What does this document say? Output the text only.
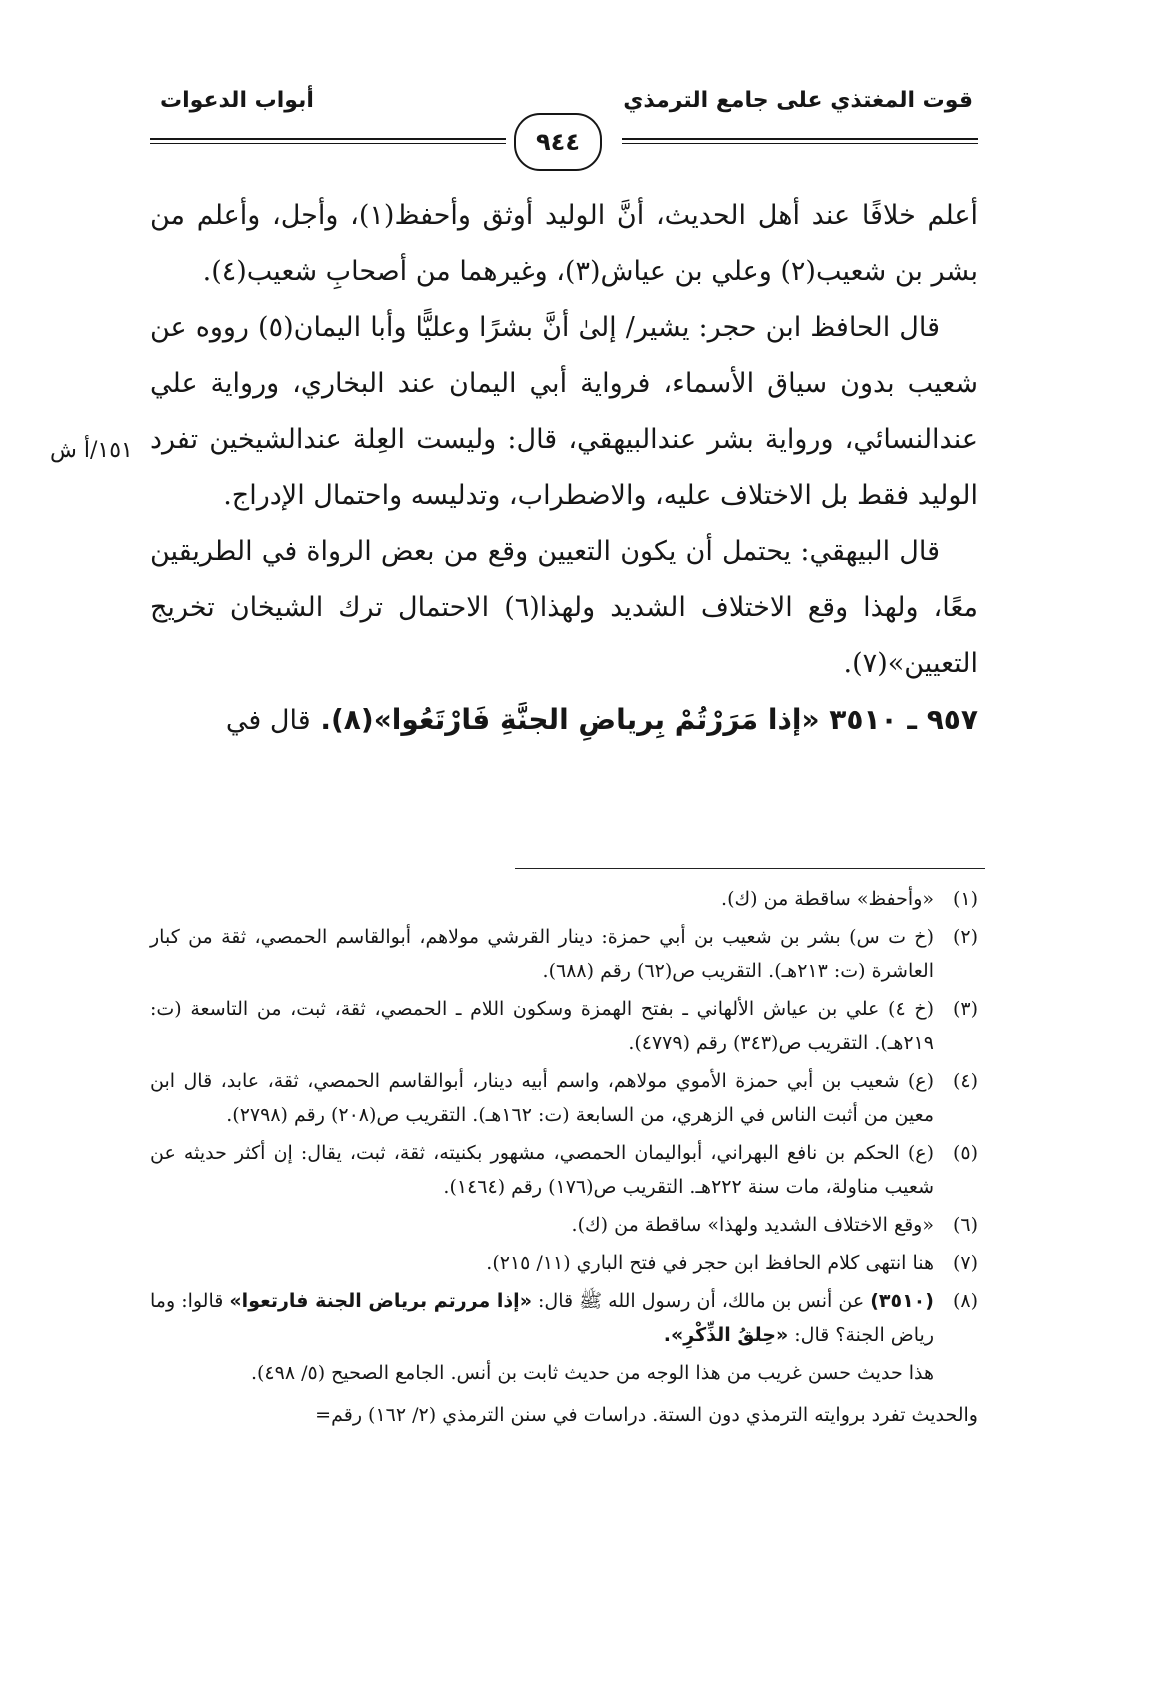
قوت المغتذي على جامع الترمذي
أبواب الدعوات
٩٤٤
١٥١/أ ش

أعلم خلافًا عند أهل الحديث، أنَّ الوليد أوثق وأحفظ(١)، وأجل، وأعلم من بشر بن شعيب(٢) وعلي بن عياش(٣)، وغيرهما من أصحابِ شعيب(٤).

قال الحافظ ابن حجر: يشير/ إلىٰ أنَّ بشرًا وعليًّا وأبا اليمان(٥) رووه عن شعيب بدون سياق الأسماء، فرواية أبي اليمان عند البخاري، ورواية علي عندالنسائي، ورواية بشر عندالبيهقي، قال: وليست العِلة عندالشيخين تفرد الوليد فقط بل الاختلاف عليه، والاضطراب، وتدليسه واحتمال الإدراج.

قال البيهقي: يحتمل أن يكون التعيين وقع من بعض الرواة في الطريقين معًا، ولهذا وقع الاختلاف الشديد ولهذا(٦) الاحتمال ترك الشيخان تخريج التعيين»(٧).

٩٥٧ ـ ٣٥١٠ «إذا مَرَرْتُمْ بِرياضِ الجنَّةِ فَارْتَعُوا»(٨). قال في

(١)
«وأحفظ» ساقطة من (ك).
(٢)
(خ ت س) بشر بن شعيب بن أبي حمزة: دينار القرشي مولاهم، أبوالقاسم الحمصي، ثقة من كبار العاشرة (ت: ٢١٣هـ). التقريب ص(٦٢) رقم (٦٨٨).
(٣)
(خ ٤) علي بن عياش الألهاني ـ بفتح الهمزة وسكون اللام ـ الحمصي، ثقة، ثبت، من التاسعة (ت: ٢١٩هـ). التقريب ص(٣٤٣) رقم (٤٧٧٩).
(٤)
(ع) شعيب بن أبي حمزة الأموي مولاهم، واسم أبيه دينار، أبوالقاسم الحمصي، ثقة، عابد، قال ابن معين من أثبت الناس في الزهري، من السابعة (ت: ١٦٢هـ). التقريب ص(٢٠٨) رقم (٢٧٩٨).
(٥)
(ع) الحكم بن نافع البهراني، أبواليمان الحمصي، مشهور بكنيته، ثقة، ثبت، يقال: إن أكثر حديثه عن شعيب مناولة، مات سنة ٢٢٢هـ. التقريب ص(١٧٦) رقم (١٤٦٤).
(٦)
«وقع الاختلاف الشديد ولهذا» ساقطة من (ك).
(٧)
هنا انتهى كلام الحافظ ابن حجر في فتح الباري (١١/ ٢١٥).
(٨)
(٣٥١٠) عن أنس بن مالك، أن رسول الله ﷺ قال: «إذا مررتم برياض الجنة فارتعوا» قالوا: وما رياض الجنة؟ قال: «حِلقُ الذِّكْرِ».
هذا حديث حسن غريب من هذا الوجه من حديث ثابت بن أنس. الجامع الصحيح (٥/ ٤٩٨).
والحديث تفرد بروايته الترمذي دون الستة. دراسات في سنن الترمذي (٢/ ١٦٢) رقم=
